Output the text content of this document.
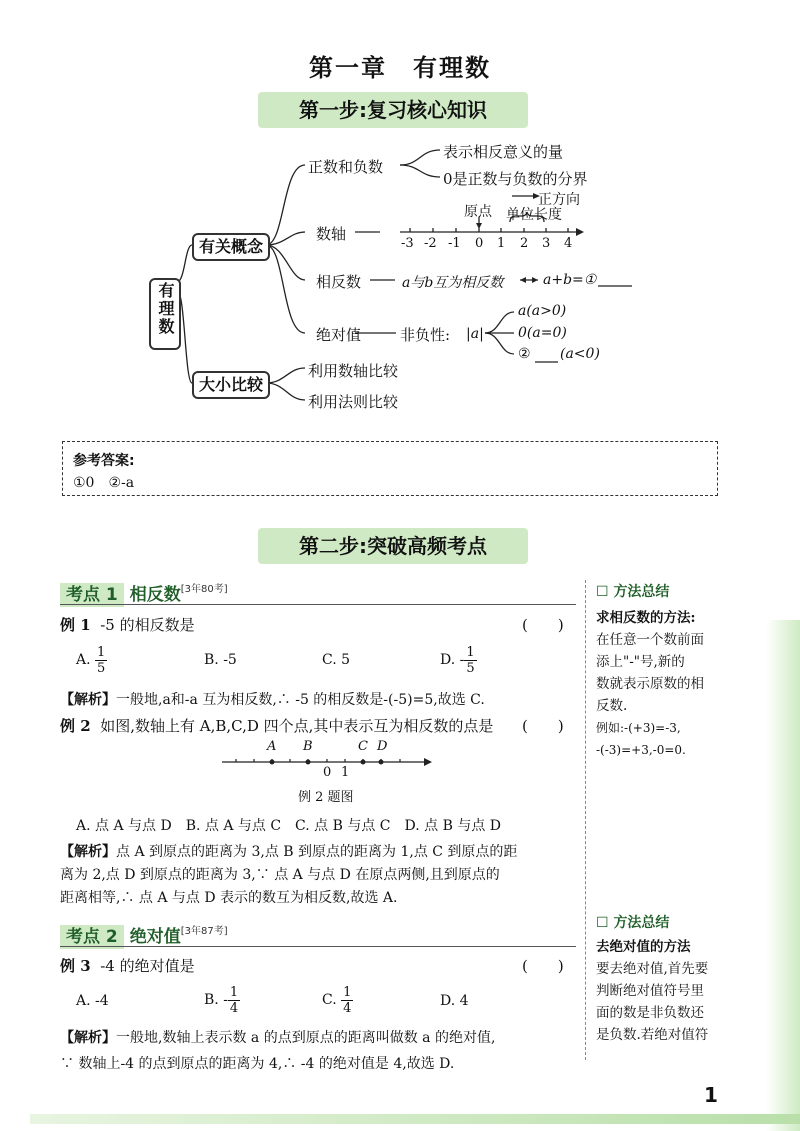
第一章　有理数
第一步:复习核心知识
有理数
有关概念
大小比较
正数和负数
表示相反意义的量
0是正数与负数的分界
数轴
原点
正方向
单位长度
-3 -2 -1 0 1 2 3 4
相反数	a与b互为相反数	a+b=①
绝对值	非负性: |a|
a(a>0)
0(a=0)
② (a<0)
利用数轴比较
利用法则比较
参考答案:
①0　②-a
第二步:突破高频考点
考点 1 相反数[3年80考]
例 1 -5 的相反数是	(　　)
A.
$\frac{1}{5}$	B. -5	C. 5	D. - $\frac{1}{5}$
【解析】一般地,a和-a 互为相反数,∴ -5 的相反数是-(-5)=5,故选 C.
例 2 如图,数轴上有 A,B,C,D 四个点,其中表示互为相反数的点是 (　　)
A B	C D
0 1
例 2 题图
A. 点 A 与点 D　B. 点 A 与点 C　C. 点 B 与点 C　D. 点 B 与点 D
【解析】点 A 到原点的距离为 3,点 B 到原点的距离为 1,点 C 到原点的距
离为 2,点 D 到原点的距离为 3,∵ 点 A 与点 D 在原点两侧,且到原点的
距离相等,∴ 点 A 与点 D 表示的数互为相反数,故选 A.
考点 2 绝对值[3年87考]
例 3 -4 的绝对值是	(　　)
A. -4	B. - $\frac{1}{4}$	C.
$\frac{1}{4}$	D. 4
【解析】一般地,数轴上表示数 a 的点到原点的距离叫做数 a 的绝对值,
∵ 数轴上-4 的点到原点的距离为 4,∴ -4 的绝对值是 4,故选 D.
☐ 方法总结
求相反数的方法:
在任意一个数前面
添上"-"号,新的
数就表示原数的相
反数.
例如:-(+3)=-3,
-(-3)=+3,-0=0.
☐ 方法总结
去绝对值的方法
要去绝对值,首先要
判断绝对值符号里
面的数是非负数还
是负数.若绝对值符
1
